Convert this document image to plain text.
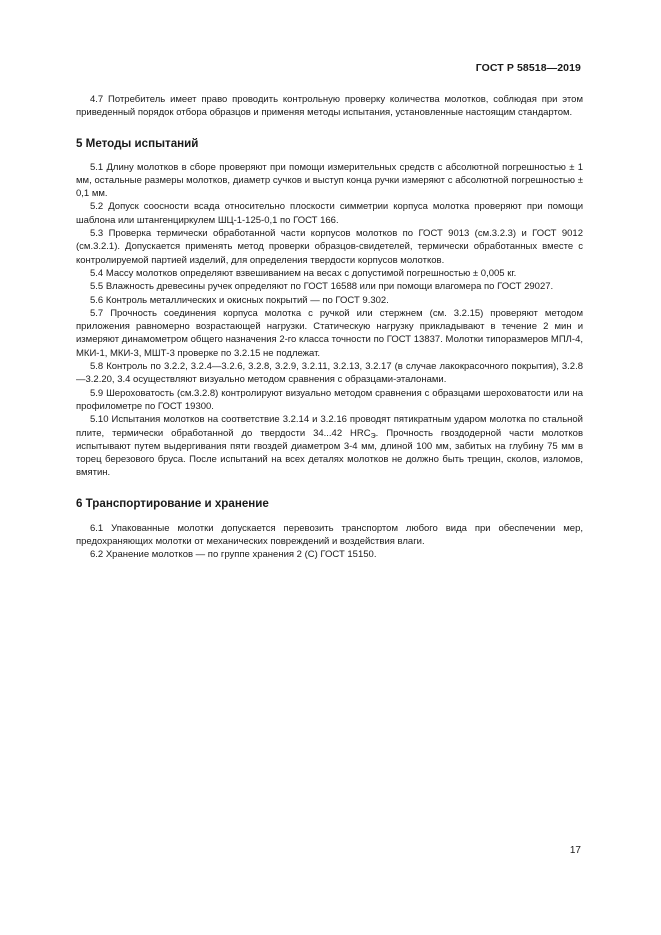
ГОСТ Р 58518—2019

4.7 Потребитель имеет право проводить контрольную проверку количества молотков, соблюдая при этом приведенный порядок отбора образцов и применяя методы испытания, установленные настоящим стандартом.

5 Методы испытаний

5.1 Длину молотков в сборе проверяют при помощи измерительных средств с абсолютной погрешностью ± 1 мм, остальные размеры молотков, диаметр сучков и выступ конца ручки измеряют с абсолютной погрешностью ± 0,1 мм.

5.2 Допуск соосности всада относительно плоскости симметрии корпуса молотка проверяют при помощи шаблона или штангенциркулем ШЦ-1-125-0,1 по ГОСТ 166.

5.3 Проверка термически обработанной части корпусов молотков по ГОСТ 9013 (см.3.2.3) и ГОСТ 9012 (см.3.2.1). Допускается применять метод проверки образцов-свидетелей, термически обработанных вместе с контролируемой партией изделий, для определения твердости корпусов молотков.

5.4 Массу молотков определяют взвешиванием на весах с допустимой погрешностью ± 0,005 кг.

5.5 Влажность древесины ручек определяют по ГОСТ 16588 или при помощи влагомера по ГОСТ 29027.

5.6 Контроль металлических и окисных покрытий — по ГОСТ 9.302.

5.7 Прочность соединения корпуса молотка с ручкой или стержнем (см. 3.2.15) проверяют методом приложения равномерно возрастающей нагрузки. Статическую нагрузку прикладывают в течение 2 мин и измеряют динамометром общего назначения 2-го класса точности по ГОСТ 13837. Молотки типоразмеров МПЛ-4, МКИ-1, МКИ-3, МШТ-3 проверке по 3.2.15 не подлежат.

5.8 Контроль по 3.2.2, 3.2.4—3.2.6, 3.2.8, 3.2.9, 3.2.11, 3.2.13, 3.2.17 (в случае лакокрасочного покрытия), 3.2.8—3.2.20, 3.4 осуществляют визуально методом сравнения с образцами-эталонами.

5.9 Шероховатость (см.3.2.8) контролируют визуально методом сравнения с образцами шероховатости или на профилометре по ГОСТ 19300.

5.10 Испытания молотков на соответствие 3.2.14 и 3.2.16 проводят пятикратным ударом молотка по стальной плите, термически обработанной до твердости 34...42 $HRC_Э$. Прочность гвоздодерной части молотков испытывают путем выдергивания пяти гвоздей диаметром 3-4 мм, длиной 100 мм, забитых на глубину 75 мм в торец березового бруса. После испытаний на всех деталях молотков не должно быть трещин, сколов, изломов, вмятин.

6 Транспортирование и хранение

6.1 Упакованные молотки допускается перевозить транспортом любого вида при обеспечении мер, предохраняющих молотки от механических повреждений и воздействия влаги.

6.2 Хранение молотков — по группе хранения 2 (С) ГОСТ 15150.

17
